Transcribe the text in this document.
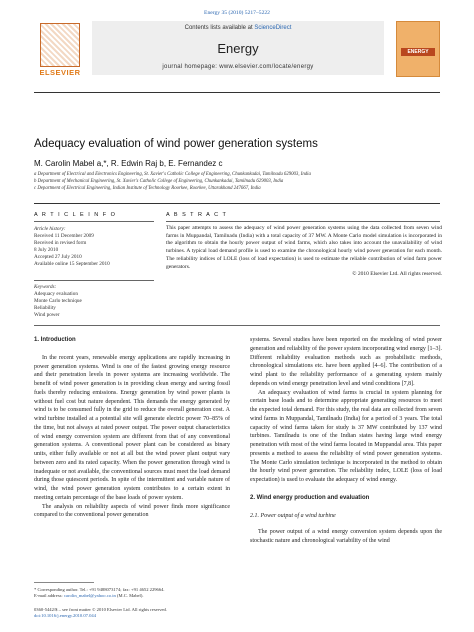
Energy 35 (2010) 5217–5222
ELSEVIER
Contents lists available at ScienceDirect
Energy
journal homepage: www.elsevier.com/locate/energy
ENERGY
Adequacy evaluation of wind power generation systems
M. Carolin Mabel a,*, R. Edwin Raj b, E. Fernandez c
a Department of Electrical and Electronics Engineering, St. Xavier's Catholic College of Engineering, Chunkankadai, Tamilnadu 629003, India
b Department of Mechanical Engineering, St. Xavier's Catholic College of Engineering, Chunkankadai, Tamilnadu 629003, India
c Department of Electrical Engineering, Indian Institute of Technology Roorkee, Roorkee, Uttarakhand 247667, India
A R T I C L E I N F O	A B S T R A C T
Article history:
Received 11 December 2009
Received in revised form
8 July 2010
Accepted 27 July 2010
Available online 15 September 2010
Keywords:
Adequacy evaluation
Monte Carlo technique
Reliability
Wind power
This paper attempts to assess the adequacy of wind power generation systems using the data collected from seven wind farms in Muppandal, Tamilnadu (India) with a total capacity of 37 MW. A Monte Carlo model simulation is incorporated in the algorithm to obtain the hourly power output of wind farms, which also takes into account the unavailability of wind turbines. A typical load demand profile is used to examine the chronological hourly wind power generation for each month. The reliability indices of LOLE (loss of load expectation) is used to estimate the reliable contribution of wind farm power generators.
© 2010 Elsevier Ltd. All rights reserved.
1. Introduction
In the recent years, renewable energy applications are rapidly increasing in power generation systems. Wind is one of the fastest growing energy resource and their penetration levels in power systems are increasing worldwide. The benefit of wind power generation is in providing clean energy and saving fossil fuels thereby reducing emissions. Energy generation by wind power plants is without fuel cost but nature dependent. This demands the energy generated by wind is to be consumed fully in the grid to reduce the overall generation cost. A wind turbine installed at a potential site will generate electric power 70–85% of the time, but not always at rated power output. The power output characteristics of wind energy conversion system are different from that of any conventional generation systems. A conventional power plant can be considered as binary units, either fully available or not at all but the wind power plant output vary between zero and its rated capacity. When the power generation through wind is inadequate or not available, the conventional sources must meet the load demand during those quiescent periods. In spite of the intermittent and variable nature of wind, the wind power generation system contributes to a certain extent in meeting certain percentage of the base loads of power system.
The analysis on reliability aspects of wind power finds more significance compared to the conventional power generation
systems. Several studies have been reported on the modeling of wind power generation and reliability of the power system incorporating wind energy [1–3]. Different reliability evaluation methods such as probabilistic methods, chronological simulations etc. have been applied [4–6]. The contribution of a wind plant to the reliability performance of a generating system mainly depends on wind energy penetration level and wind conditions [7,8].
An adequacy evaluation of wind farms is crucial in system planning for certain base loads and to determine appropriate generating resources to meet the expected total demand. For this study, the real data are collected from seven wind farms in Muppandal, Tamilnadu (India) for a period of 3 years. The total capacity of wind farms taken for study is 37 MW contributed by 137 wind turbines. Tamilnadu is one of the Indian states having large wind energy penetration with most of the wind farms located in Muppandal area. This paper presents a method to assess the reliability of wind power generation systems. The Monte Carlo simulation technique is incorporated in the method to obtain the hourly wind power generation. The reliability index, LOLE (loss of load expectation) is used to evaluate the adequacy of wind energy.
2. Wind energy production and evaluation
2.1. Power output of a wind turbine
The power output of a wind energy conversion system depends upon the stochastic nature and chronological variability of the wind
* Corresponding author. Tel.: +91 9488073174; fax: +91 4652 229664.
E-mail address: carolin_mabel@yahoo.co.in (M.C. Mabel).
0360-5442/$ – see front matter © 2010 Elsevier Ltd. All rights reserved.
doi:10.1016/j.energy.2010.07.044
